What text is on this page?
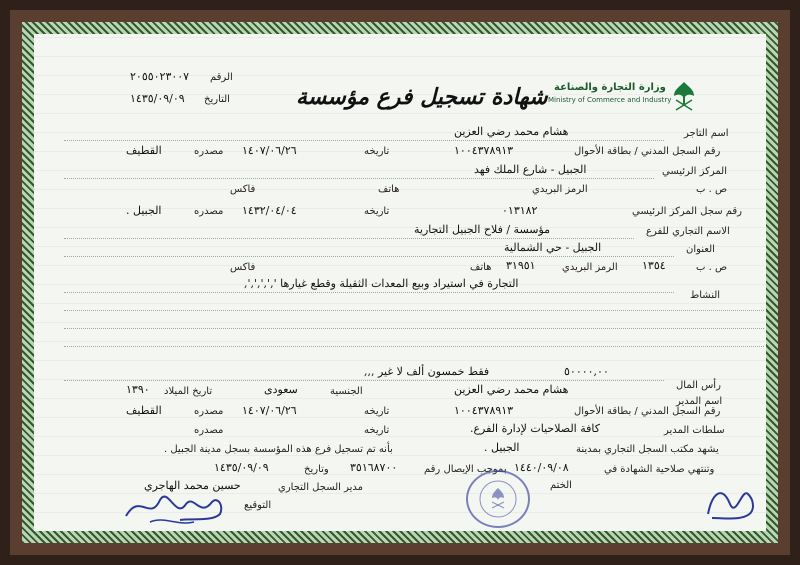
وزارة التجارة والصناعة
Ministry of Commerce and Industry
شهادة تسجيل فرع مؤسسة
٢٠٥٥٠٢٣٠٠٧ الرقم
١٤٣٥/٠٩/٠٩ التاريخ
اسم التاجر
هشام محمد رضي العزين
رقم السجل المدني / بطاقة الأحوال
١٠٠٤٣٧٨٩١٣
تاريخه
١٤٠٧/٠٦/٢٦
مصدره
القطيف
المركز الرئيسي
الجبيل - شارع الملك فهد
ص . ب
الرمز البريدي
هاتف
فاكس
رقم سجل المركز الرئيسي
٠١٣١٨٢
تاريخه
١٤٣٢/٠٤/٠٤
مصدره
الجبيل .
الاسم التجاري للفرع
مؤسسة / فلاح الجبيل التجارية
العنوان
الجبيل - حي الشمالية
ص . ب
١٣٥٤
الرمز البريدي
٣١٩٥١
هاتف
فاكس
التجارة في استيراد وبيع المعدات الثقيلة وقطع غيارها ',',',',',
النشاط
رأس المال
٥٠٠٠٠,٠٠
فقط خمسون ألف لا غير ,,,
اسم المدير
هشام محمد رضي العزين
الجنسية
سعودى
تاريخ الميلاد
١٣٩٠
رقم السجل المدني / بطاقة الأحوال
١٠٠٤٣٧٨٩١٣
تاريخه
١٤٠٧/٠٦/٢٦
مصدره
القطيف
سلطات المدير
كافة الصلاحيات لإدارة الفرع.
تاريخه
مصدره
يشهد مكتب السجل التجاري بمدينة
الجبيل .
بأنه تم تسجيل فرع هذه المؤسسة بسجل مدينة الجبيل .
وتنتهي صلاحية الشهادة في
١٤٤٠/٠٩/٠٨
بموجب الإيصال رقم
٣٥١٦٨٧٠٠
وتاريخ
١٤٣٥/٠٩/٠٩
الختم
مدير السجل التجاري
حسين محمد الهاجري
التوقيع
